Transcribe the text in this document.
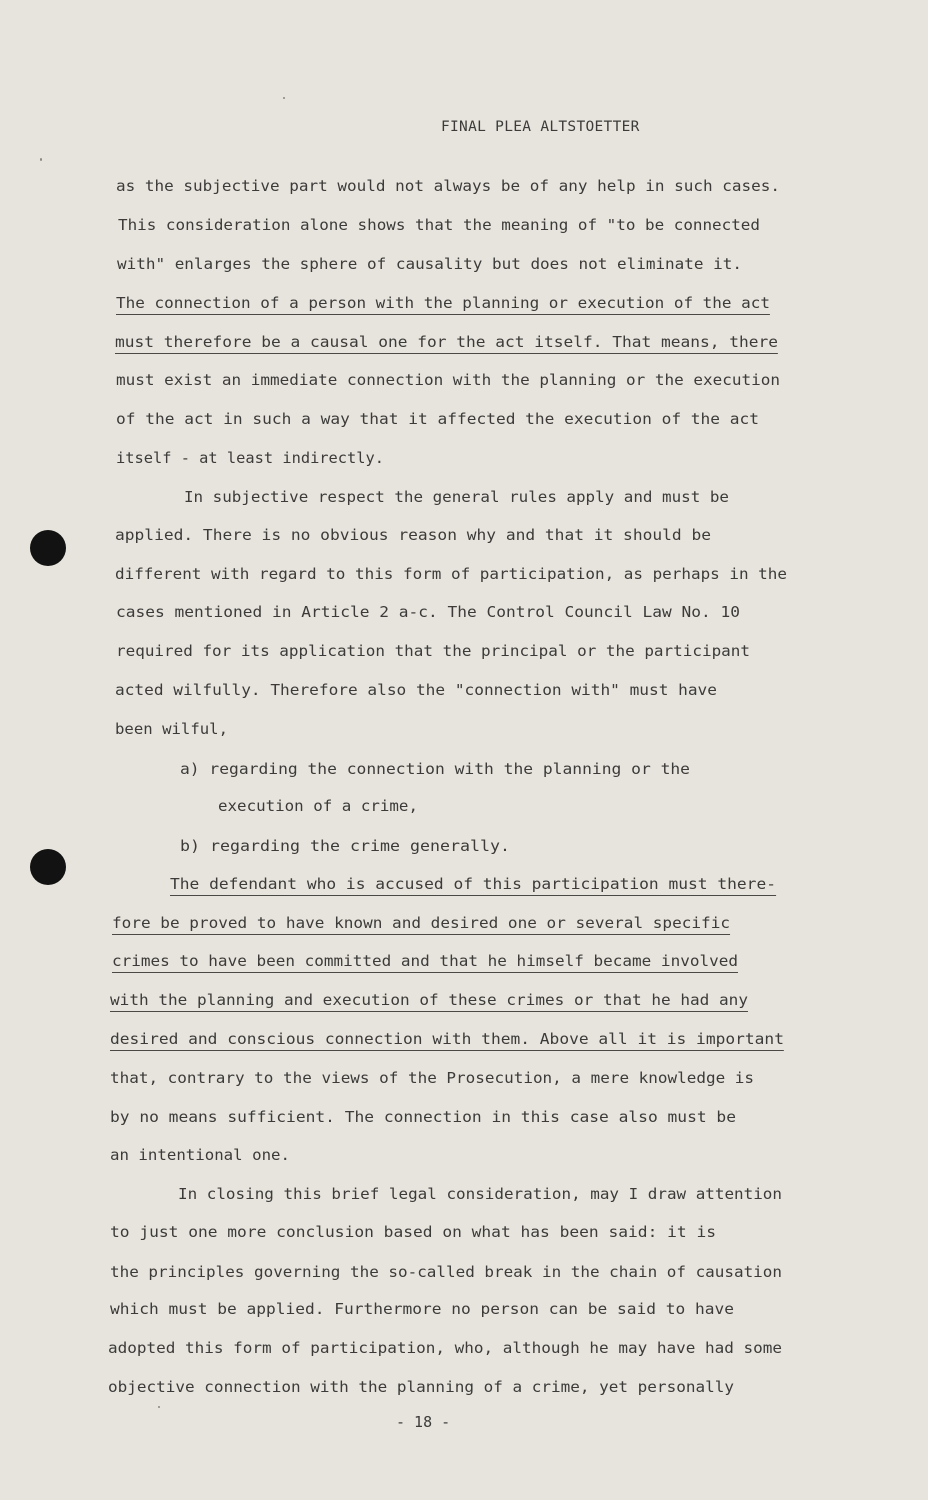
FINAL PLEA ALTSTOETTER
as the subjective part would not always be of any help in such cases.
This consideration alone shows that the meaning of "to be connected
with" enlarges the sphere of causality but does not eliminate it.
The connection of a person with the planning or execution of the act
must therefore be a causal one for the act itself. That means, there
must exist an immediate connection with the planning or the execution
of the act in such a way that it affected the execution of the act
itself - at least indirectly.
In subjective respect the general rules apply and must be
applied. There is no obvious reason why and that it should be
different with regard to this form of participation, as perhaps in the
cases mentioned in Article 2 a-c. The Control Council Law No. 10
required for its application that the principal or the participant
acted wilfully. Therefore also the "connection with" must have
been wilful,
a) regarding the connection with the planning or the
execution of a crime,
b) regarding the crime generally.
The defendant who is accused of this participation must there-
fore be proved to have known and desired one or several specific
crimes to have been committed and that he himself became involved
with the planning and execution of these crimes or that he had any
desired and conscious connection with them. Above all it is important
that, contrary to the views of the Prosecution, a mere knowledge is
by no means sufficient. The connection in this case also must be
an intentional one.
In closing this brief legal consideration, may I draw attention
to just one more conclusion based on what has been said: it is
the principles governing the so-called break in the chain of causation
which must be applied. Furthermore no person can be said to have
adopted this form of participation, who, although he may have had some
objective connection with the planning of a crime, yet personally
- 18 -
